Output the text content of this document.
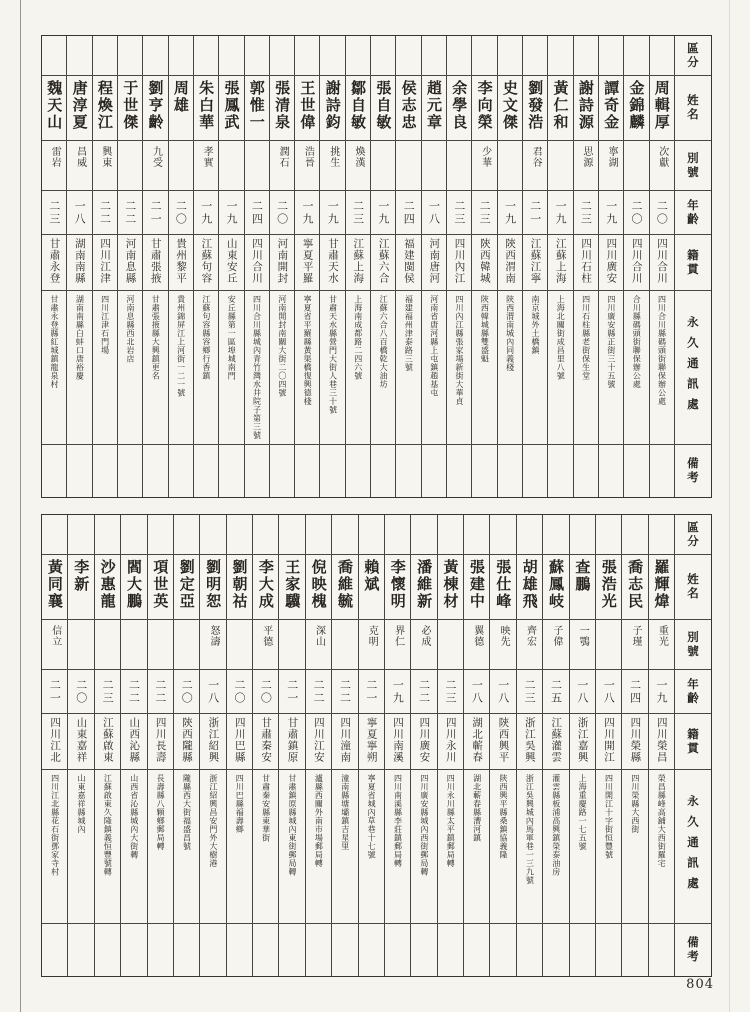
魏天山
雷岩
二三
甘肅永登
甘肅永登縣紅城鎮龍泉村
唐淳夏
昌威
一八
湖南南縣
湖南南縣白蚌口唐裕慶
程煥江
興東
二二
四川江津
四川江津石門場
于世傑
二二
河南息縣
河南息縣西北岩店
劉亨齡
九受
二一
甘肅張掖
甘肅張掖縣大興鎮更名
周雄
二〇
貴州黎平
貴州錦屏江上河街一二一號
朱白華
孝實
一九
江蘇句容
江蘇句容縣容鄉行香鎮
張鳳武
一九
山東安丘
安丘縣第一區埠城南門
郭惟一
二四
四川合川
四川合川縣城內青竹灣水井院子第三號
張清泉
潤石
二〇
河南開封
河南開封南關大街二〇四號
王世偉
浩晉
一九
寧夏平羅
寧夏省平羅縣黃渠橋復興德棧
謝詩鈞
挑生
一九
甘肅天水
甘肅天水縣營門大街人巷三十號
鄒自敏
煥漢
二三
江蘇上海
上海南成都路二四六號
張自敏
一九
江蘇六合
江蘇六合八百橋乾大油坊
侯志忠
二四
福建閩侯
福建福州津泰路三號
趙元章
一八
河南唐河
河南省唐河縣上屯鎮趙基屯
余學良
二三
四川內江
四川內江縣張家場新街大華貞
李向榮
少華
二三
陝西韓城
陝西韓城縣雙盛魁
史文傑
一九
陝西渭南
陝西渭南城內同義棧
劉發浩
君谷
二一
江蘇江寧
南京城外土橋鎮
黃仁和
一九
江蘇上海
上海北關街成昌里八號
謝詩源
思源
二三
四川石柱
四川石柱縣老街保生堂
譚奇金
寧湖
一九
四川廣安
四川廣安縣正街三十五號
金錦麟
二〇
四川合川
合川縣碼頭街聯保辦公處
周輯厚
次獻
二〇
四川合川
四川合川縣碼頭街聯保辦公處
區分
姓名
別號
年齡
籍貫
永久通訊處
備考
黃同襄
信立
二一
四川江北
四川江北縣花石街鄧家寺村
李新
二〇
山東嘉祥
山東嘉祥縣城內
沙惠龍
二三
江蘇啟東
江蘇啟東久隆鎮義恒豐號轉
閻大鵬
二二
山西沁縣
山西省沁縣城內大街轉
項世英
二二
四川長壽
長壽縣八顆鄉郵局轉
劉定亞
二〇
陝西隴縣
隴縣西大街福盛昌號
劉明恕
怒濤
一八
浙江紹興
浙江紹興昌安門外大樹港
劉朝祜
二〇
四川巴縣
四川巴縣福壽鄉
李大成
平德
二〇
甘肅秦安
甘肅秦安縣東華街
王家驥
二一
甘肅鎮原
甘肅鎮原縣城內東街郵局轉
倪映槐
深山
二二
四川江安
瀘縣西關外南市場郵局轉
喬維毓
二二
四川潼南
潼南縣塘壩鎮吉星里
賴斌
克明
二一
寧夏寧朔
寧夏省城內草巷十七號
李懷明
界仁
一九
四川南溪
四川南溪縣李莊鎮郵局轉
潘維新
必成
二二
四川廣安
四川廣安縣城內西街郵局轉
黃棟材
二三
四川永川
四川永川縣太平鎮郵局轉
張建中
翼德
一八
湖北蘄春
湖北蘄春縣漕河鎮
張仕峰
映先
一八
陝西興平
陝西興平縣桑鎮協義隆
胡雄飛
齊宏
二三
浙江吳興
浙江吳興城內馬軍巷一三九號
蘇鳳岐
子偉
二五
江蘇灌雲
灌雲縣板浦高興鎮榮泰油房
查鵬
一鶚
一八
浙江嘉興
上海重慶路一七五號
張浩光
一八
四川開江
四川開江十字街恒豐號
喬志民
子瑾
二四
四川榮縣
四川榮縣大西街
羅輝煒
重光
一九
四川榮昌
榮昌縣峰高鋪大西街羅宅
區分
姓名
別號
年齡
籍貫
永久通訊處
備考
804
